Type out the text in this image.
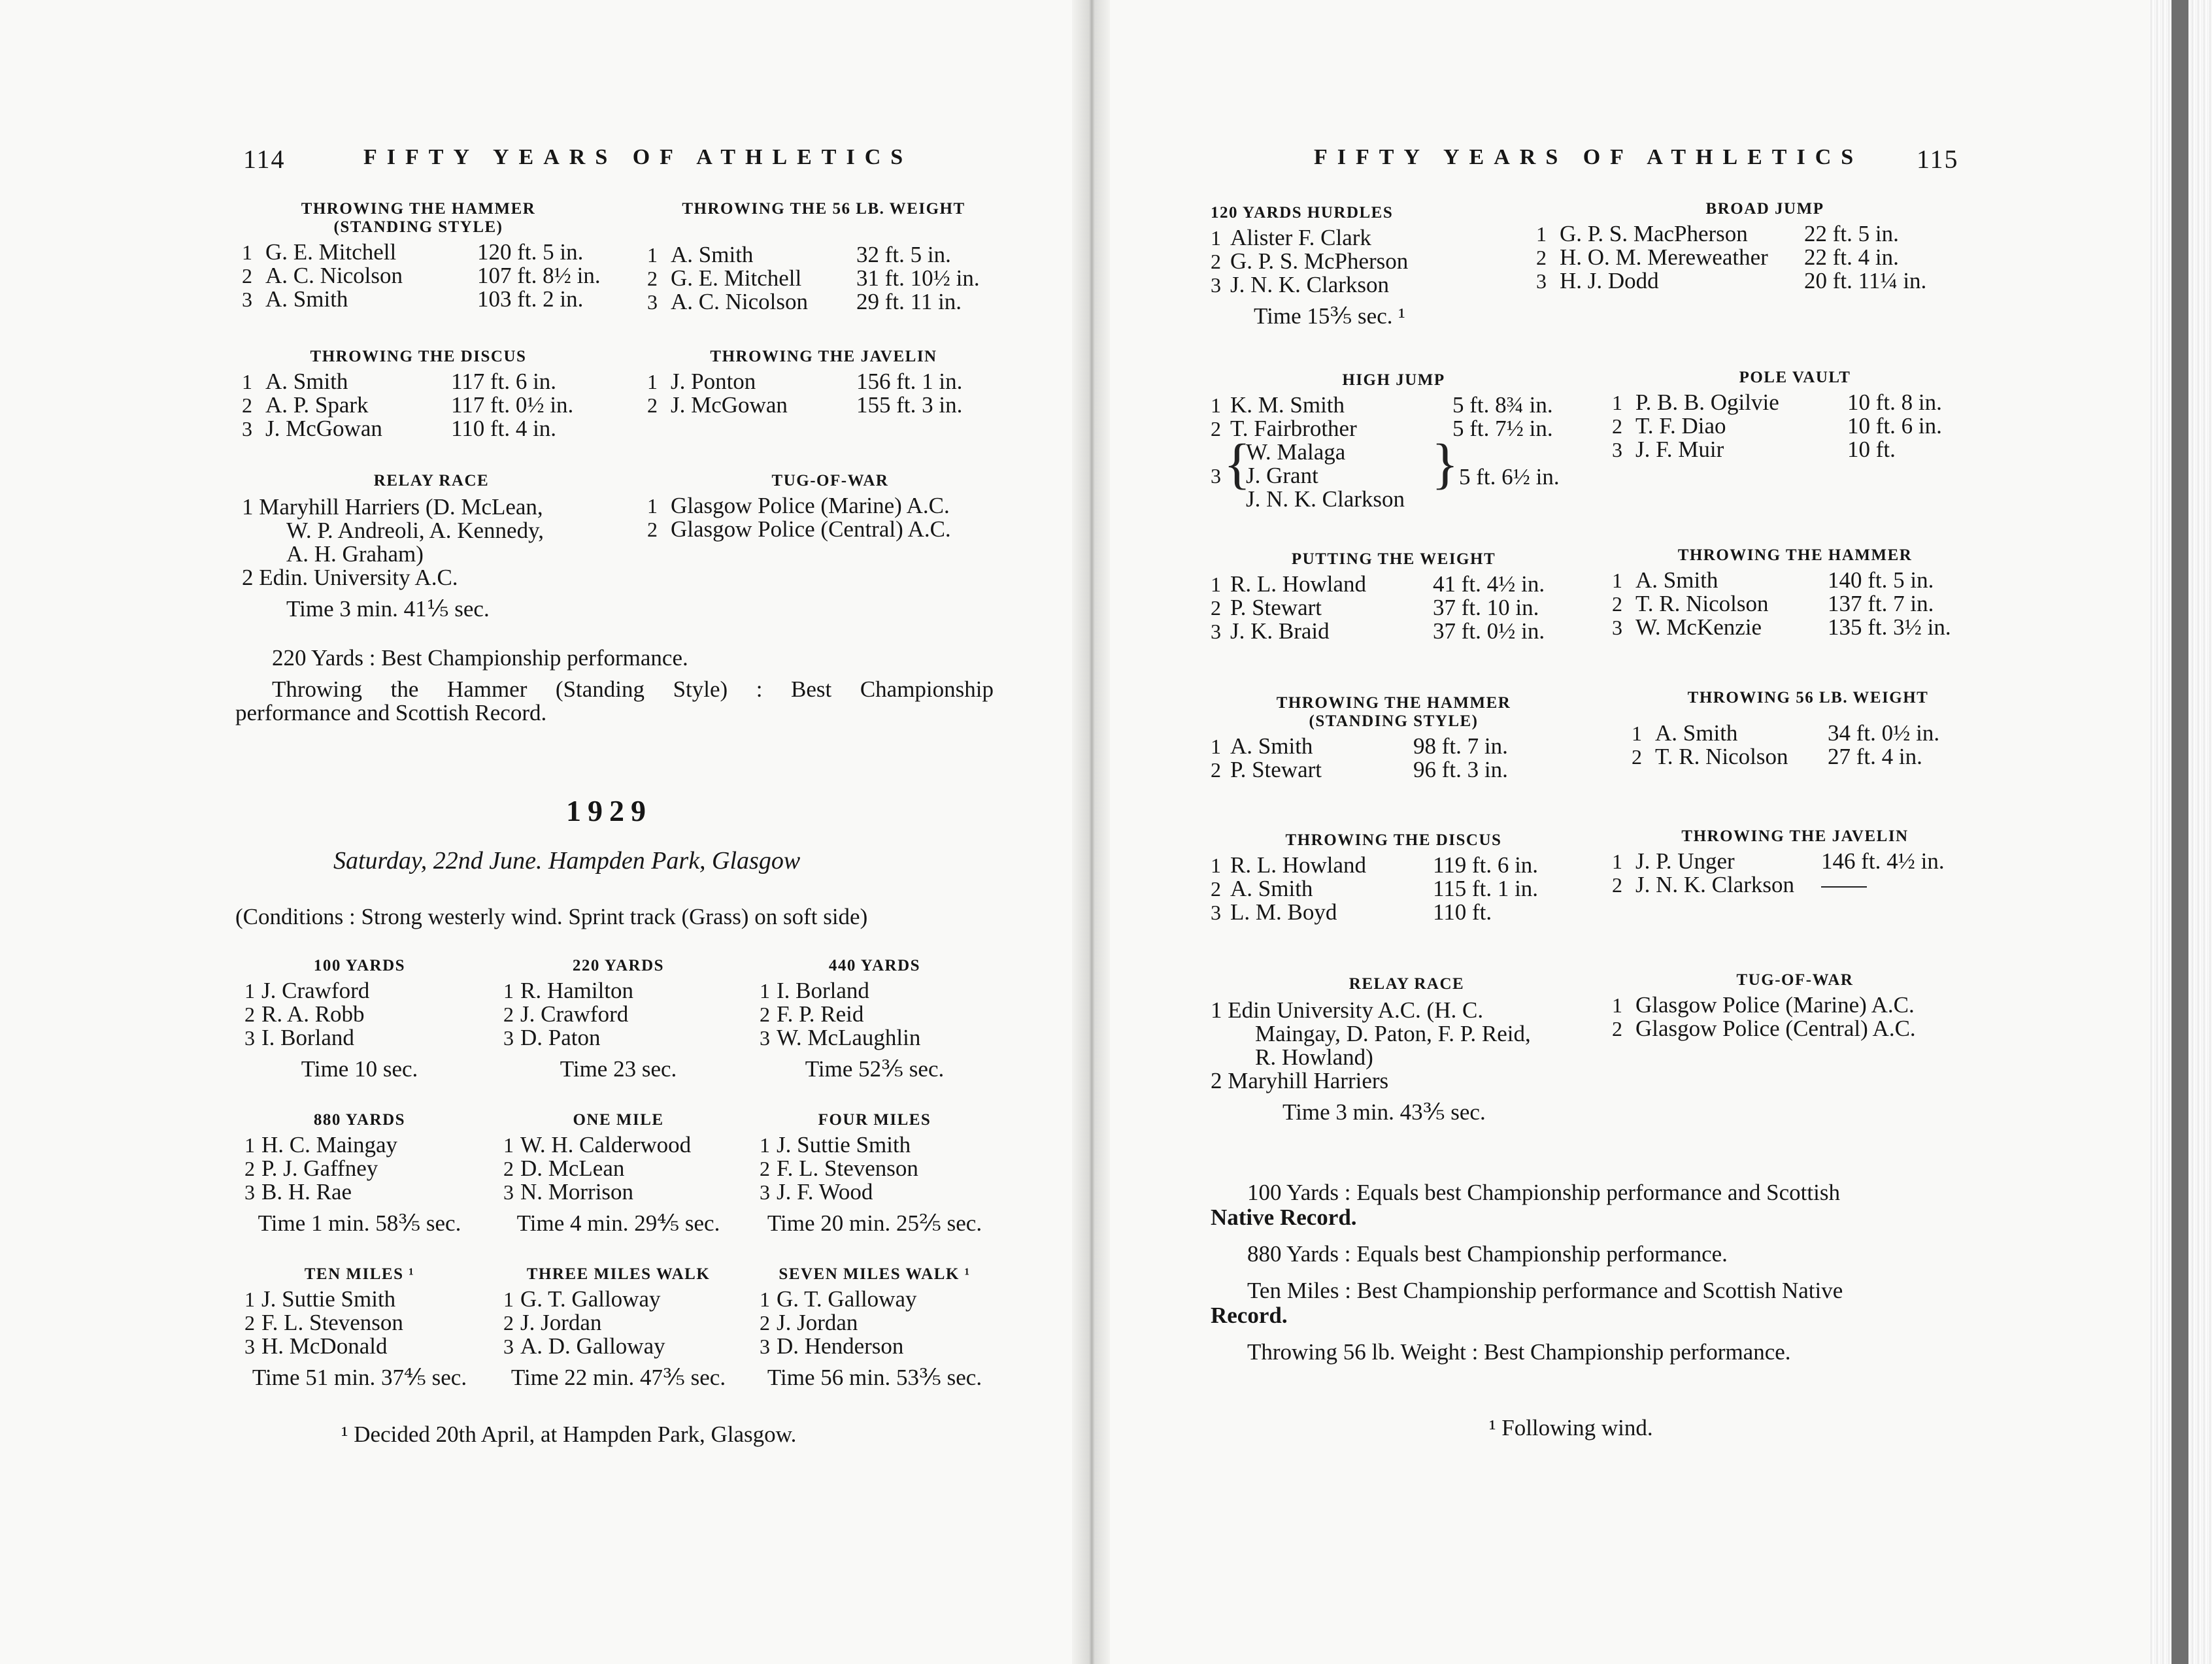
114	FIFTY YEARS OF ATHLETICS
THROWING THE HAMMER
(STANDING STYLE)
1 G. E. Mitchell	120 ft. 5 in.
2 A. C. Nicolson	107 ft. 8½ in.
3 A. Smith	103 ft. 2 in.
THROWING THE 56 LB. WEIGHT
1 A. Smith	32 ft. 5 in.
2 G. E. Mitchell 31 ft. 10½ in.
3 A. C. Nicolson 29 ft. 11 in.
THROWING THE DISCUS
1 A. Smith	117 ft. 6 in.
2 A. P. Spark	117 ft. 0½ in.
3 J. McGowan	110 ft. 4 in.
THROWING THE JAVELIN
1 J. Ponton	156 ft. 1 in.
2 J. McGowan	155 ft. 3 in.
RELAY RACE
1 Maryhill Harriers (D. McLean,
W. P. Andreoli, A. Kennedy,
A. H. Graham)
2 Edin. University A.C.
Time 3 min. 41⅕ sec.
TUG-OF-WAR
1 Glasgow Police (Marine) A.C.
2 Glasgow Police (Central) A.C.
220 Yards : Best Championship performance.
Throwing the Hammer (Standing Style) : Best Championship
performance and Scottish Record.
1929
Saturday, 22nd June. Hampden Park, Glasgow
(Conditions : Strong westerly wind. Sprint track (Grass) on soft side)
100 YARDS
1 J. Crawford
2 R. A. Robb
3 I. Borland
Time 10 sec.
220 YARDS
1 R. Hamilton
2 J. Crawford
3 D. Paton
Time 23 sec.
440 YARDS
1 I. Borland
2 F. P. Reid
3 W. McLaughlin
Time 52⅗ sec.
880 YARDS
1 H. C. Maingay
2 P. J. Gaffney
3 B. H. Rae
Time 1 min. 58⅗ sec.
ONE MILE
1 W. H. Calderwood
2 D. McLean
3 N. Morrison
Time 4 min. 29⅘ sec.
FOUR MILES
1 J. Suttie Smith
2 F. L. Stevenson
3 J. F. Wood
Time 20 min. 25⅖ sec.
TEN MILES ¹
1 J. Suttie Smith
2 F. L. Stevenson
3 H. McDonald
Time 51 min. 37⅘ sec.
THREE MILES WALK
1 G. T. Galloway
2 J. Jordan
3 A. D. Galloway
Time 22 min. 47⅗ sec.
SEVEN MILES WALK ¹
1 G. T. Galloway
2 J. Jordan
3 D. Henderson
Time 56 min. 53⅗ sec.
¹ Decided 20th April, at Hampden Park, Glasgow.
FIFTY YEARS OF ATHLETICS 115
120 YARDS HURDLES
1 Alister F. Clark
2 G. P. S. McPherson
3 J. N. K. Clarkson
Time 15⅗ sec. ¹
BROAD JUMP
1 G. P. S. MacPherson 22 ft. 5 in.
2 H. O. M. Mereweather 22 ft. 4 in.
3 H. J. Dodd	20 ft. 11¼ in.
HIGH JUMP
1 K. M. Smith	5 ft. 8¾ in.
2 T. Fairbrother	5 ft. 7½ in.
3 {
W. Malaga
J. Grant
J. N. K. Clarkson
} 5 ft. 6½ in.
POLE VAULT
1 P. B. B. Ogilvie	10 ft. 8 in.
2 T. F. Diao	10 ft. 6 in.
3 J. F. Muir	10 ft.
PUTTING THE WEIGHT
1 R. L. Howland	41 ft. 4½ in.
2 P. Stewart	37 ft. 10 in.
3 J. K. Braid	37 ft. 0½ in.
THROWING THE HAMMER
1 A. Smith	140 ft. 5 in.
2 T. R. Nicolson	137 ft. 7 in.
3 W. McKenzie	135 ft. 3½ in.
THROWING THE HAMMER
(STANDING STYLE)
1 A. Smith	98 ft. 7 in.
2 P. Stewart	96 ft. 3 in.
THROWING 56 LB. WEIGHT
1 A. Smith	34 ft. 0½ in.
2 T. R. Nicolson 27 ft. 4 in.
THROWING THE DISCUS
1 R. L. Howland	119 ft. 6 in.
2 A. Smith	115 ft. 1 in.
3 L. M. Boyd	110 ft.
THROWING THE JAVELIN
1 J. P. Unger	146 ft. 4½ in.
2 J. N. K. Clarkson
RELAY RACE
1 Edin University A.C. (H. C.
Maingay, D. Paton, F. P. Reid,
R. Howland)
2 Maryhill Harriers
Time 3 min. 43⅗ sec.
TUG-OF-WAR
1 Glasgow Police (Marine) A.C.
2 Glasgow Police (Central) A.C.
100 Yards : Equals best Championship performance and Scottish
Native Record.
880 Yards : Equals best Championship performance.
Ten Miles : Best Championship performance and Scottish Native
Record.
Throwing 56 lb. Weight : Best Championship performance.
¹ Following wind.
